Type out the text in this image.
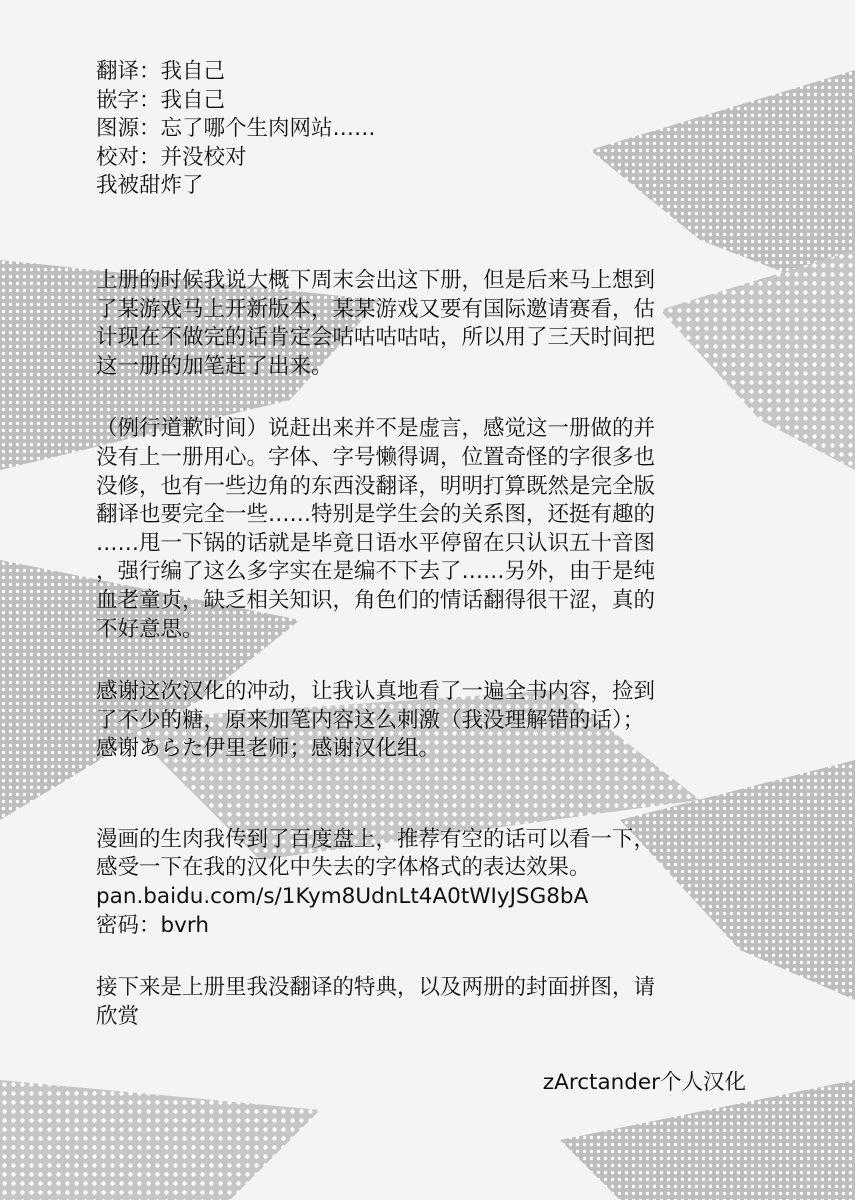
翻译：我自己
嵌字：我自己
图源：忘了哪个生肉网站……
校对：并没校对
我被甜炸了
上册的时候我说大概下周末会出这下册，但是后来马上想到
了某游戏马上开新版本，某某游戏又要有国际邀请赛看，估
计现在不做完的话肯定会咕咕咕咕咕，所以用了三天时间把
这一册的加笔赶了出来。
（例行道歉时间）说赶出来并不是虚言，感觉这一册做的并
没有上一册用心。字体、字号懒得调，位置奇怪的字很多也
没修，也有一些边角的东西没翻译，明明打算既然是完全版
翻译也要完全一些……特别是学生会的关系图，还挺有趣的
……甩一下锅的话就是毕竟日语水平停留在只认识五十音图
，强行编了这么多字实在是编不下去了……另外，由于是纯
血老童贞，缺乏相关知识，角色们的情话翻得很干涩，真的
不好意思。
感谢这次汉化的冲动，让我认真地看了一遍全书内容，捡到
了不少的糖，原来加笔内容这么刺激（我没理解错的话）；
感谢あらた伊里老师；感谢汉化组。
漫画的生肉我传到了百度盘上，推荐有空的话可以看一下，
感受一下在我的汉化中失去的字体格式的表达效果。
pan.baidu.com/s/1Kym8UdnLt4A0tWIyJSG8bA
密码：bvrh
接下来是上册里我没翻译的特典，以及两册的封面拼图，请
欣赏
zArctander个人汉化
